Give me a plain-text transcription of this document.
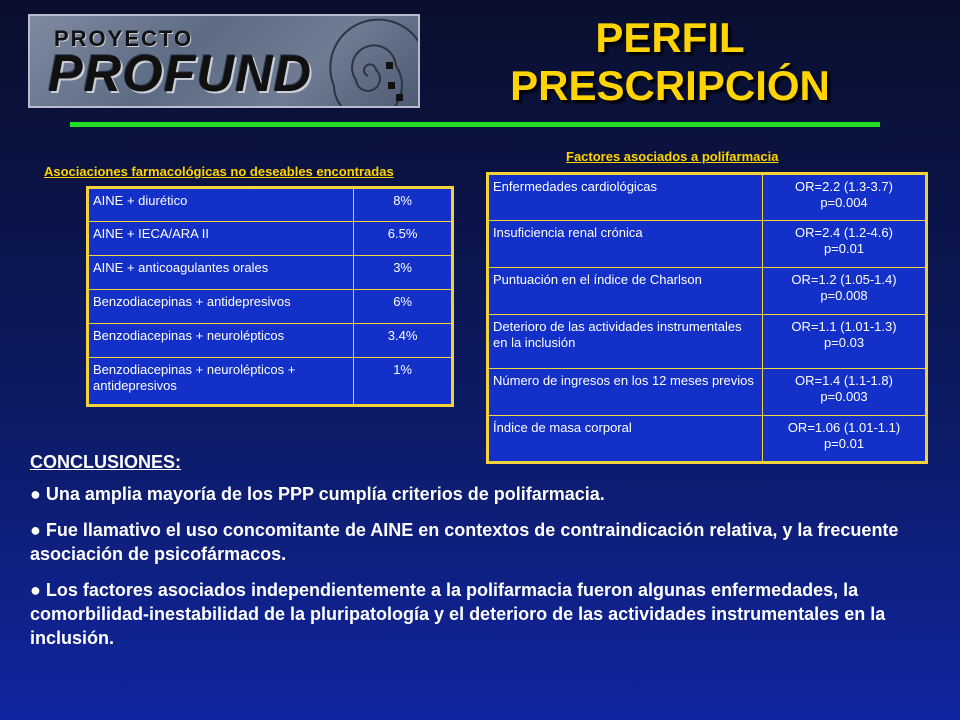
PROYECTO
PROFUND
PERFIL
PRESCRIPCIÓN
Asociaciones farmacológicas no deseables encontradas
Factores asociados a polifarmacia
AINE + diurético	8%
AINE + IECA/ARA II	6.5%
AINE + anticoagulantes orales	3%
Benzodiacepinas + antidepresivos	6%
Benzodiacepinas + neurolépticos	3.4%
Benzodiacepinas + neurolépticos + antidepresivos	1%
Enfermedades cardiológicas	OR=2.2 (1.3-3.7)
p=0.004

Insuficiencia renal crónica	OR=2.4 (1.2-4.6)
p=0.01

Puntuación en el índice de Charlson	OR=1.2 (1.05-1.4)
p=0.008

Deterioro de las actividades instrumentales en la inclusión	OR=1.1 (1.01-1.3)
p=0.03

Número de ingresos en los 12 meses previos	OR=1.4 (1.1-1.8)
p=0.003

Índice de masa corporal	OR=1.06 (1.01-1.1)
p=0.01
CONCLUSIONES:

● Una amplia mayoría de los PPP cumplía criterios de polifarmacia.

● Fue llamativo el uso concomitante de AINE en contextos de contraindicación relativa, y la frecuente asociación de psicofármacos.

● Los factores asociados independientemente a la polifarmacia fueron algunas enfermedades, la comorbilidad-inestabilidad de la pluripatología y el deterioro de las actividades instrumentales en la inclusión.
